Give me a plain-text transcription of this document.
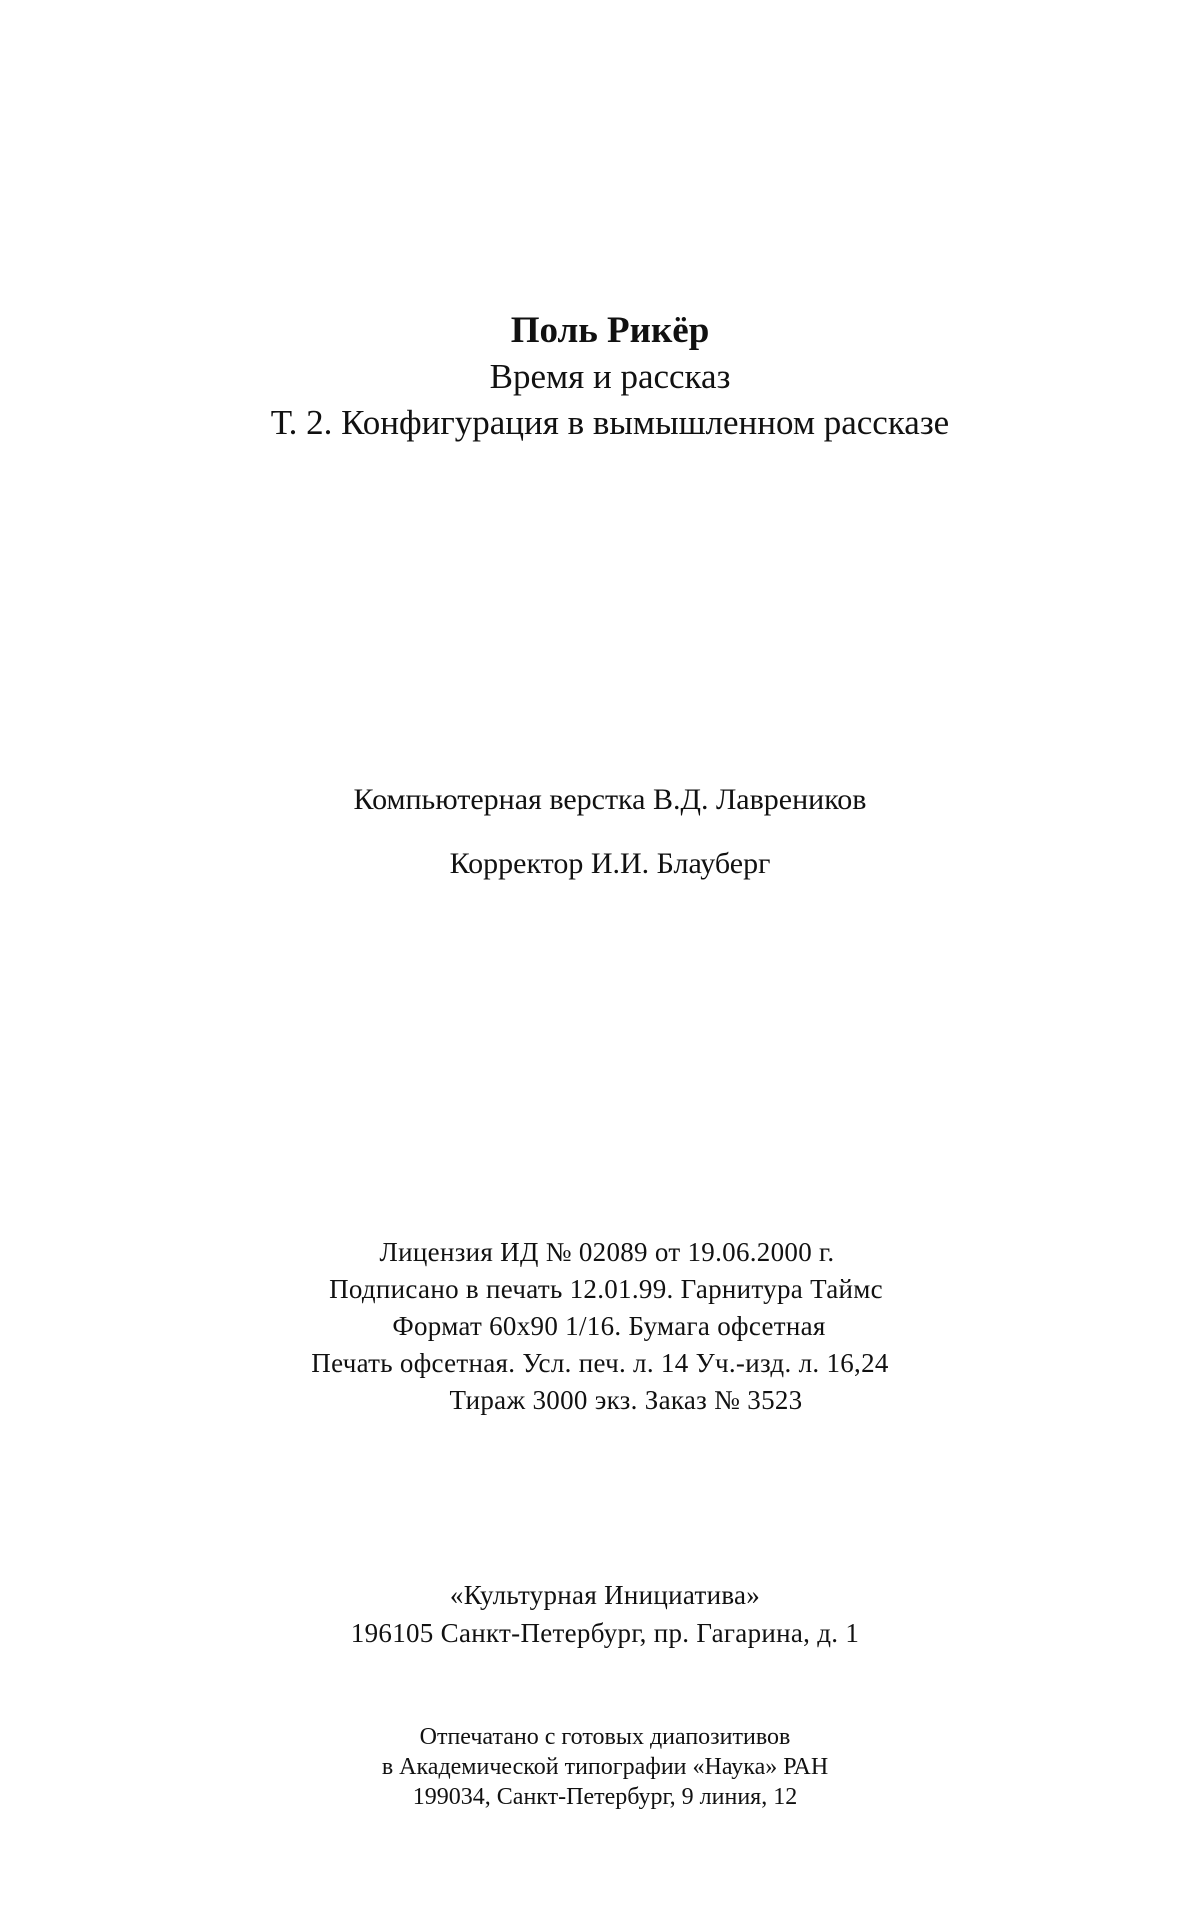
Поль Рикёр
Время и рассказ
Т. 2. Конфигурация в вымышленном рассказе
Компьютерная верстка В.Д. Лавреников
Корректор И.И. Блауберг
Лицензия ИД № 02089 от 19.06.2000 г.
Подписано в печать 12.01.99. Гарнитура Таймс
Формат 60х90 1/16. Бумага офсетная
Печать офсетная. Усл. печ. л. 14 Уч.-изд. л. 16,24
Тираж 3000 экз. Заказ № 3523
«Культурная Инициатива»
196105 Санкт-Петербург, пр. Гагарина, д. 1
Отпечатано с готовых диапозитивов
в Академической типографии «Наука» РАН
199034, Санкт-Петербург, 9 линия, 12
